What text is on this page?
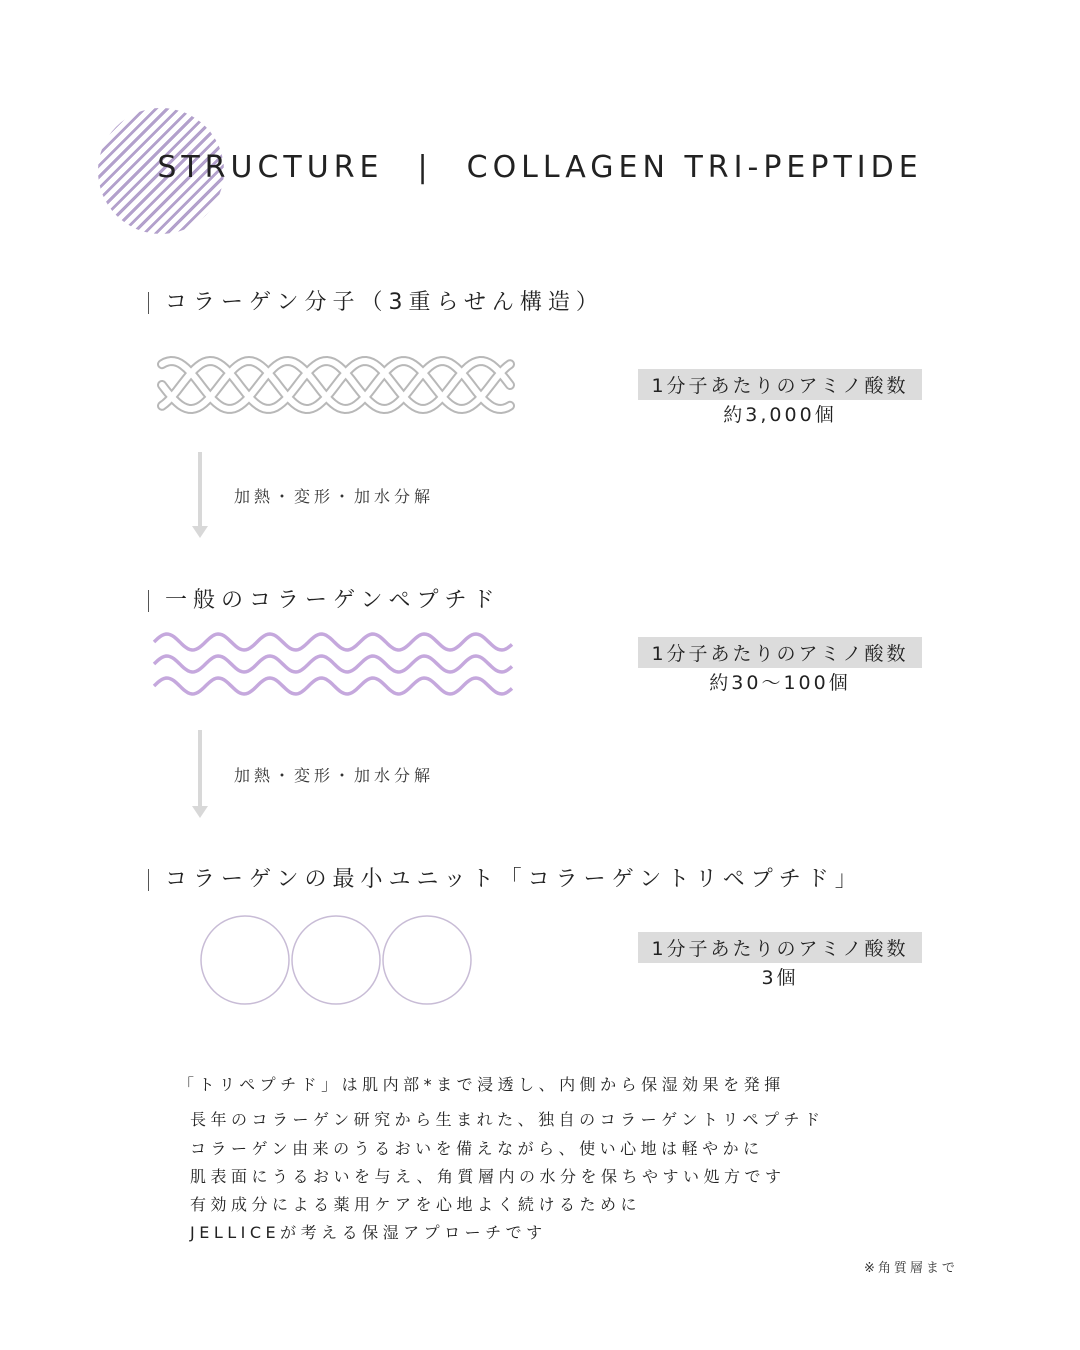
STRUCTURE | COLLAGEN TRI-PEPTIDE
コラーゲン分子（3重らせん構造）
1分子あたりのアミノ酸数
約3,000個
加熱・変形・加水分解
一般のコラーゲンペプチド
1分子あたりのアミノ酸数
約30〜100個
加熱・変形・加水分解
コラーゲンの最小ユニット「コラーゲントリペプチド」
1分子あたりのアミノ酸数
3個
「トリペプチド」は肌内部*まで浸透し、内側から保湿効果を発揮
長年のコラーゲン研究から生まれた、独自のコラーゲントリペプチド
コラーゲン由来のうるおいを備えながら、使い心地は軽やかに
肌表面にうるおいを与え、角質層内の水分を保ちやすい処方です
有効成分による薬用ケアを心地よく続けるために
JELLICEが考える保湿アプローチです
※角質層まで
